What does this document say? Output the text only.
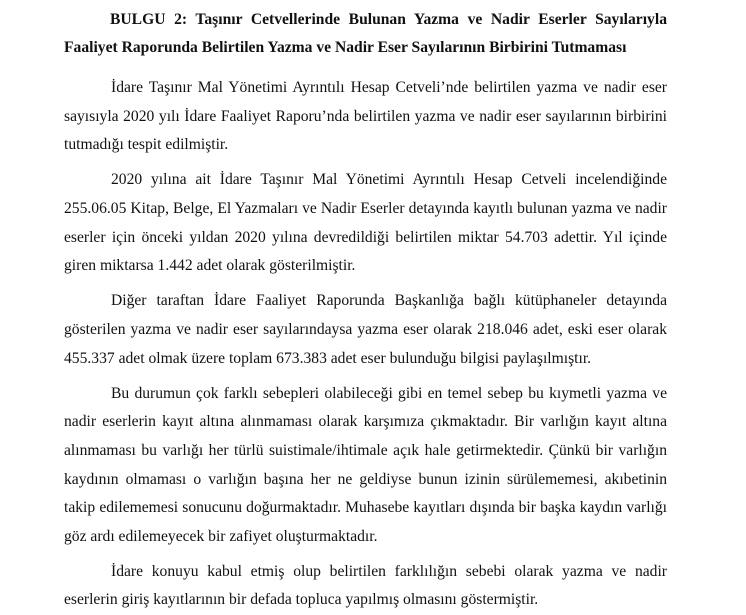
BULGU 2: Taşınır Cetvellerinde Bulunan Yazma ve Nadir Eserler Sayılarıyla Faaliyet Raporunda Belirtilen Yazma ve Nadir Eser Sayılarının Birbirini Tutmaması

İdare Taşınır Mal Yönetimi Ayrıntılı Hesap Cetveli’nde belirtilen yazma ve nadir eser sayısıyla 2020 yılı İdare Faaliyet Raporu’nda belirtilen yazma ve nadir eser sayılarının birbirini tutmadığı tespit edilmiştir.

2020 yılına ait İdare Taşınır Mal Yönetimi Ayrıntılı Hesap Cetveli incelendiğinde 255.06.05 Kitap, Belge, El Yazmaları ve Nadir Eserler detayında kayıtlı bulunan yazma ve nadir eserler için önceki yıldan 2020 yılına devredildiği belirtilen miktar 54.703 adettir. Yıl içinde giren miktarsa 1.442 adet olarak gösterilmiştir.

Diğer taraftan İdare Faaliyet Raporunda Başkanlığa bağlı kütüphaneler detayında gösterilen yazma ve nadir eser sayılarındaysa yazma eser olarak 218.046 adet, eski eser olarak 455.337 adet olmak üzere toplam 673.383 adet eser bulunduğu bilgisi paylaşılmıştır.

Bu durumun çok farklı sebepleri olabileceği gibi en temel sebep bu kıymetli yazma ve nadir eserlerin kayıt altına alınmaması olarak karşımıza çıkmaktadır. Bir varlığın kayıt altına alınmaması bu varlığı her türlü suistimale/ihtimale açık hale getirmektedir. Çünkü bir varlığın kaydının olmaması o varlığın başına her ne geldiyse bunun izinin sürülememesi, akıbetinin takip edilememesi sonucunu doğurmaktadır. Muhasebe kayıtları dışında bir başka kaydın varlığı göz ardı edilemeyecek bir zafiyet oluşturmaktadır.

İdare konuyu kabul etmiş olup belirtilen farklılığın sebebi olarak yazma ve nadir eserlerin giriş kayıtlarının bir defada topluca yapılmış olmasını göstermiştir.
